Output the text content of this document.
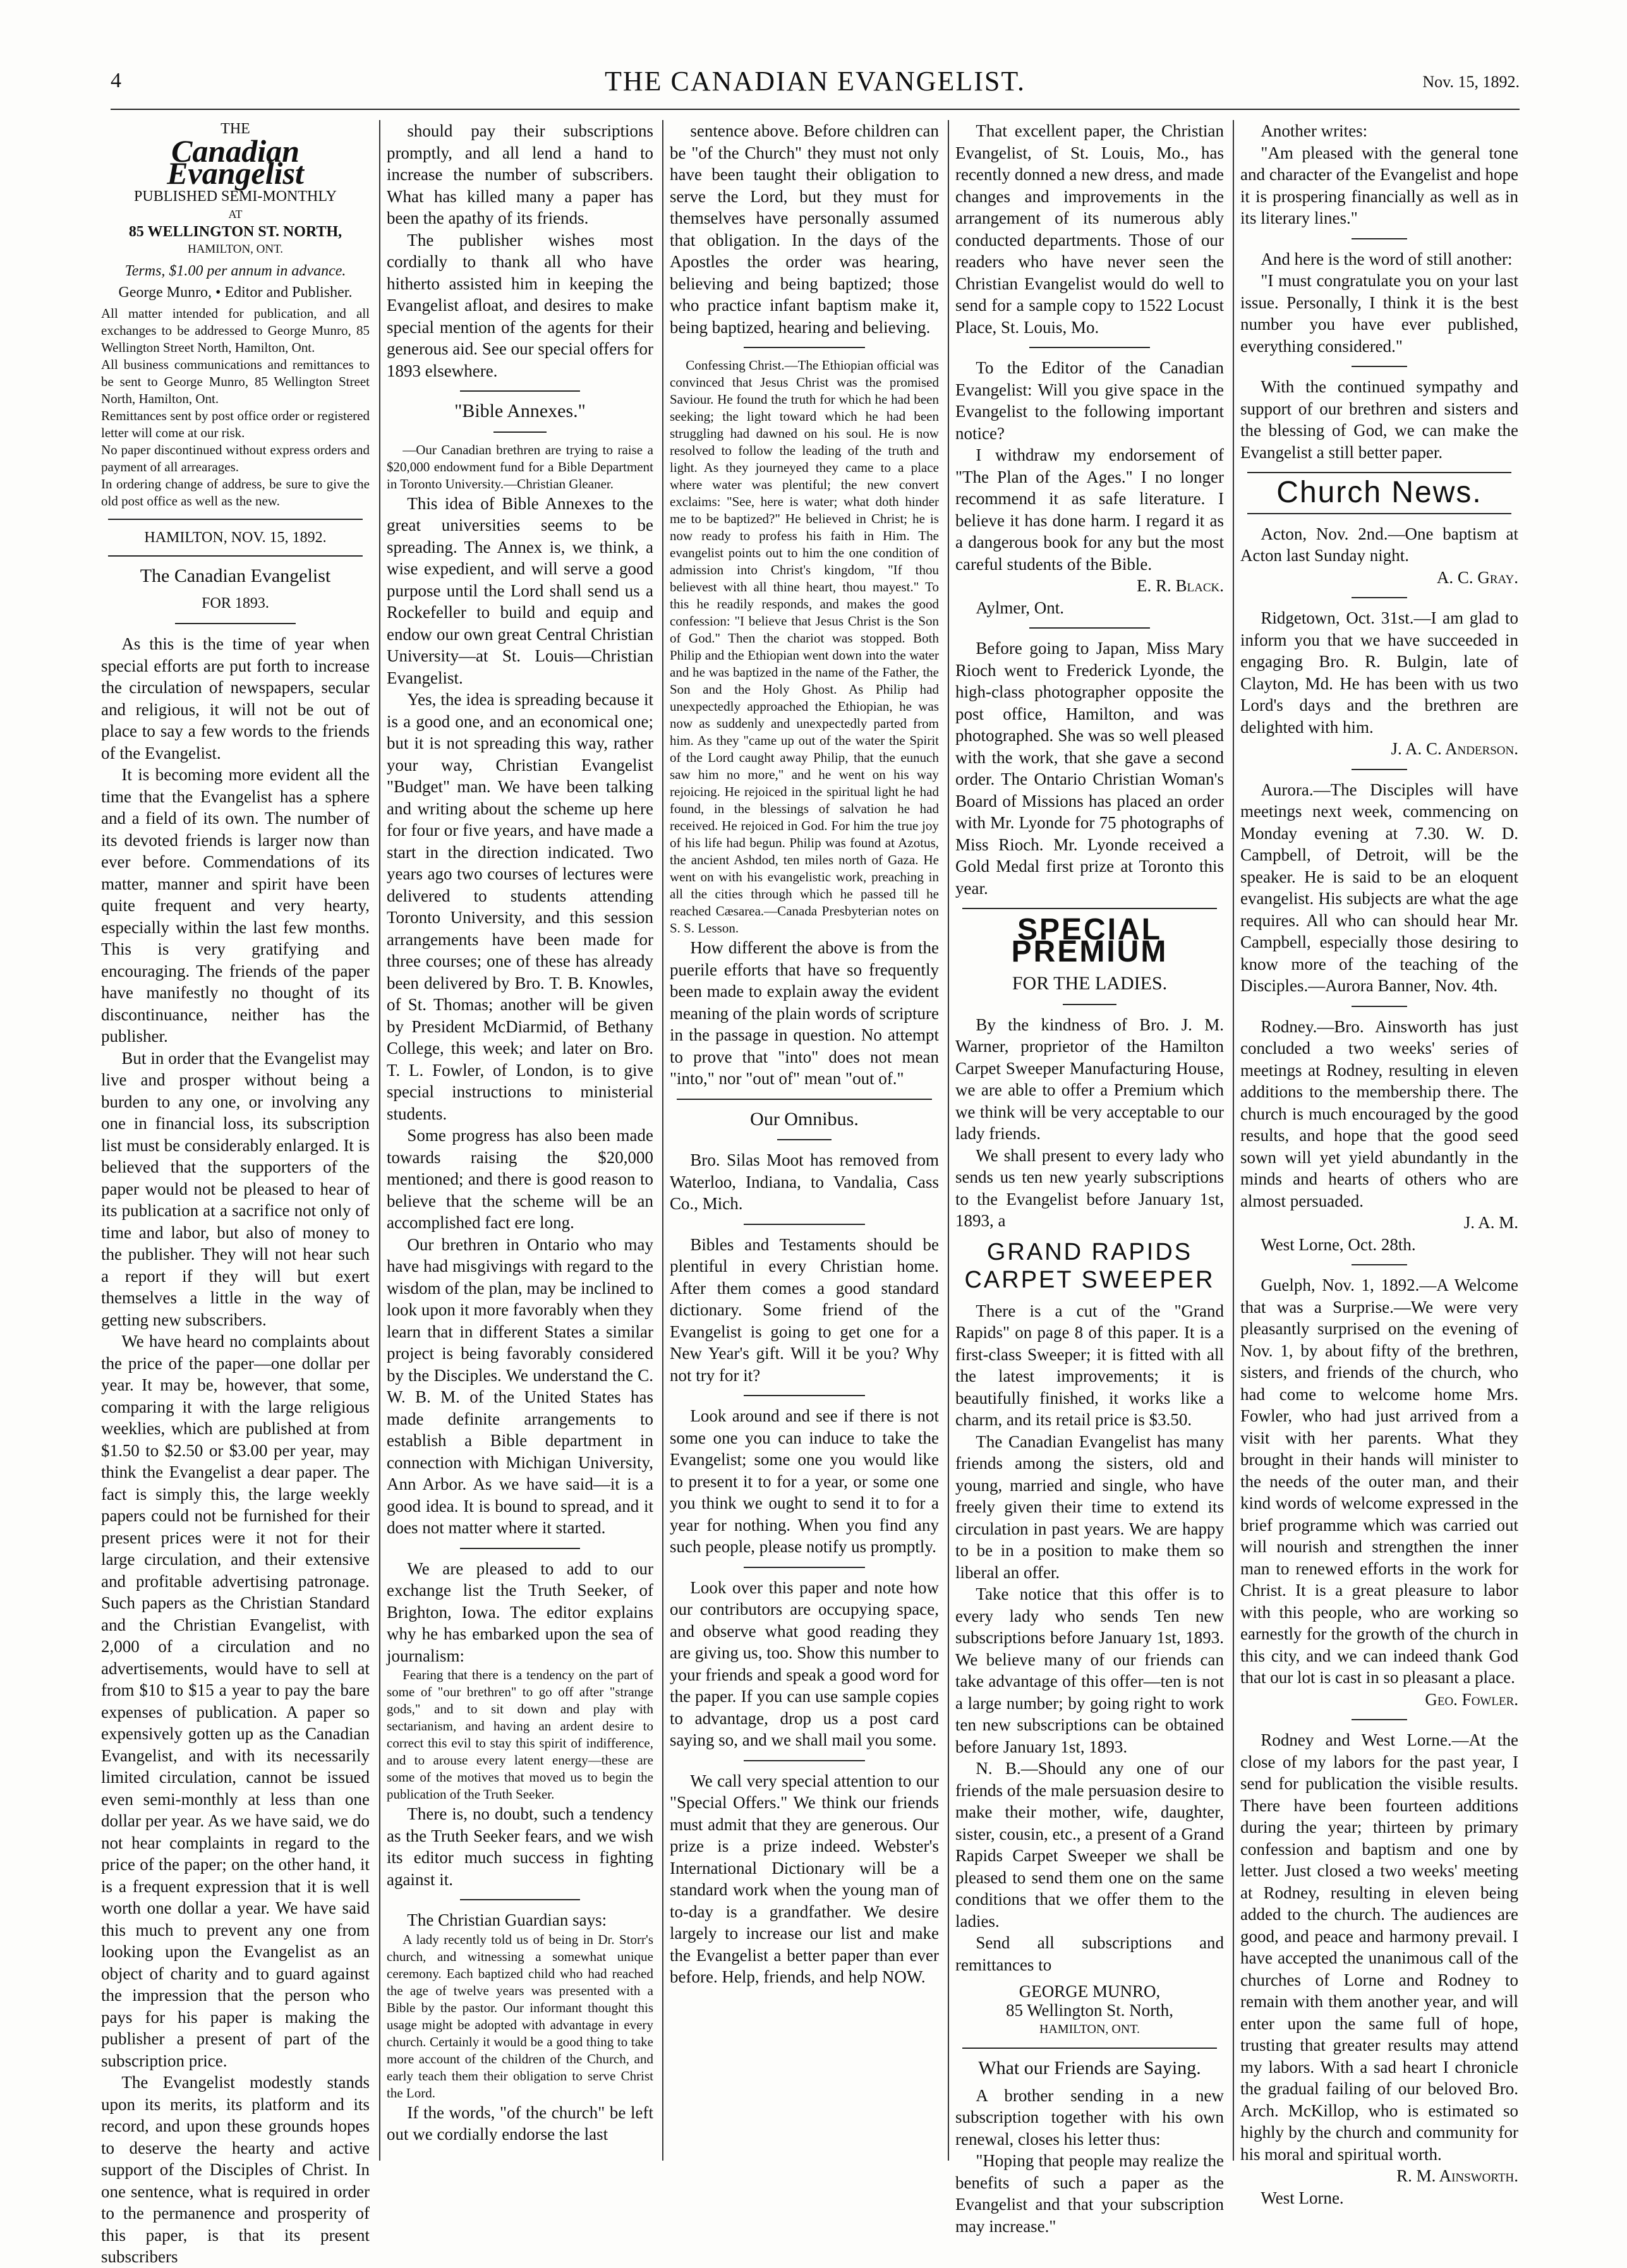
4	THE CANADIAN EVANGELIST.	Nov. 15, 1892.
THE
Canadian Evangelist
PUBLISHED SEMI-MONTHLY
AT
85 WELLINGTON ST. NORTH,
HAMILTON, ONT.
Terms, $1.00 per annum in advance.
George Munro, • Editor and Publisher.
All matter intended for publication, and all exchanges to be addressed to George Munro, 85 Wellington Street North, Hamilton, Ont.
All business communications and remittances to be sent to George Munro, 85 Wellington Street North, Hamilton, Ont.
Remittances sent by post office order or registered letter will come at our risk.
No paper discontinued without express orders and payment of all arrearages.
In ordering change of address, be sure to give the old post office as well as the new.
HAMILTON, NOV. 15, 1892.

The Canadian Evangelist

FOR 1893.

As this is the time of year when special efforts are put forth to increase the circulation of newspapers, secular and religious, it will not be out of place to say a few words to the friends of the Evangelist.

It is becoming more evident all the time that the Evangelist has a sphere and a field of its own. The number of its devoted friends is larger now than ever before. Commendations of its matter, manner and spirit have been quite frequent and very hearty, especially within the last few months. This is very gratifying and encouraging. The friends of the paper have manifestly no thought of its discontinuance, neither has the publisher.

But in order that the Evangelist may live and prosper without being a burden to any one, or involving any one in financial loss, its subscription list must be considerably enlarged. It is believed that the supporters of the paper would not be pleased to hear of its publication at a sacrifice not only of time and labor, but also of money to the publisher. They will not hear such a report if they will but exert themselves a little in the way of getting new subscribers.

We have heard no complaints about the price of the paper—one dollar per year. It may be, however, that some, comparing it with the large religious weeklies, which are published at from $1.50 to $2.50 or $3.00 per year, may think the Evangelist a dear paper. The fact is simply this, the large weekly papers could not be furnished for their present prices were it not for their large circulation, and their extensive and profitable advertising patronage. Such papers as the Christian Standard and the Christian Evangelist, with 2,000 of a circulation and no advertisements, would have to sell at from $10 to $15 a year to pay the bare expenses of publication. A paper so expensively gotten up as the Canadian Evangelist, and with its necessarily limited circulation, cannot be issued even semi-monthly at less than one dollar per year. As we have said, we do not hear complaints in regard to the price of the paper; on the other hand, it is a frequent expression that it is well worth one dollar a year. We have said this much to prevent any one from looking upon the Evangelist as an object of charity and to guard against the impression that the person who pays for his paper is making the publisher a present of part of the subscription price.

The Evangelist modestly stands upon its merits, its platform and its record, and upon these grounds hopes to deserve the hearty and active support of the Disciples of Christ. In one sentence, what is required in order to the permanence and prosperity of this paper, is that its present subscribers

should pay their subscriptions promptly, and all lend a hand to increase the number of subscribers. What has killed many a paper has been the apathy of its friends.

The publisher wishes most cordially to thank all who have hitherto assisted him in keeping the Evangelist afloat, and desires to make special mention of the agents for their generous aid. See our special offers for 1893 elsewhere.

"Bible Annexes."

—Our Canadian brethren are trying to raise a $20,000 endowment fund for a Bible Department in Toronto University.—Christian Gleaner.

This idea of Bible Annexes to the great universities seems to be spreading. The Annex is, we think, a wise expedient, and will serve a good purpose until the Lord shall send us a Rockefeller to build and equip and endow our own great Central Christian University—at St. Louis—Christian Evangelist.

Yes, the idea is spreading because it is a good one, and an economical one; but it is not spreading this way, rather your way, Christian Evangelist "Budget" man. We have been talking and writing about the scheme up here for four or five years, and have made a start in the direction indicated. Two years ago two courses of lectures were delivered to students attending Toronto University, and this session arrangements have been made for three courses; one of these has already been delivered by Bro. T. B. Knowles, of St. Thomas; another will be given by President McDiarmid, of Bethany College, this week; and later on Bro. T. L. Fowler, of London, is to give special instructions to ministerial students.

Some progress has also been made towards raising the $20,000 mentioned; and there is good reason to believe that the scheme will be an accomplished fact ere long.

Our brethren in Ontario who may have had misgivings with regard to the wisdom of the plan, may be inclined to look upon it more favorably when they learn that in different States a similar project is being favorably considered by the Disciples. We understand the C. W. B. M. of the United States has made definite arrangements to establish a Bible department in connection with Michigan University, Ann Arbor. As we have said—it is a good idea. It is bound to spread, and it does not matter where it started.

We are pleased to add to our exchange list the Truth Seeker, of Brighton, Iowa. The editor explains why he has embarked upon the sea of journalism:

Fearing that there is a tendency on the part of some of "our brethren" to go off after "strange gods," and to sit down and play with sectarianism, and having an ardent desire to correct this evil to stay this spirit of indifference, and to arouse every latent energy—these are some of the motives that moved us to begin the publication of the Truth Seeker.

There is, no doubt, such a tendency as the Truth Seeker fears, and we wish its editor much success in fighting against it.

The Christian Guardian says:

A lady recently told us of being in Dr. Storr's church, and witnessing a somewhat unique ceremony. Each baptized child who had reached the age of twelve years was presented with a Bible by the pastor. Our informant thought this usage might be adopted with advantage in every church. Certainly it would be a good thing to take more account of the children of the Church, and early teach them their obligation to serve Christ the Lord.

If the words, "of the church" be left out we cordially endorse the last

sentence above. Before children can be "of the Church" they must not only have been taught their obligation to serve the Lord, but they must for themselves have personally assumed that obligation. In the days of the Apostles the order was hearing, believing and being baptized; those who practice infant baptism make it, being baptized, hearing and believing.

Confessing Christ.—The Ethiopian official was convinced that Jesus Christ was the promised Saviour. He found the truth for which he had been seeking; the light toward which he had been struggling had dawned on his soul. He is now resolved to follow the leading of the truth and light. As they journeyed they came to a place where water was plentiful; the new convert exclaims: "See, here is water; what doth hinder me to be baptized?" He believed in Christ; he is now ready to profess his faith in Him. The evangelist points out to him the one condition of admission into Christ's kingdom, "If thou believest with all thine heart, thou mayest." To this he readily responds, and makes the good confession: "I believe that Jesus Christ is the Son of God." Then the chariot was stopped. Both Philip and the Ethiopian went down into the water and he was baptized in the name of the Father, the Son and the Holy Ghost. As Philip had unexpectedly approached the Ethiopian, he was now as suddenly and unexpectedly parted from him. As they "came up out of the water the Spirit of the Lord caught away Philip, that the eunuch saw him no more," and he went on his way rejoicing. He rejoiced in the spiritual light he had found, in the blessings of salvation he had received. He rejoiced in God. For him the true joy of his life had begun. Philip was found at Azotus, the ancient Ashdod, ten miles north of Gaza. He went on with his evangelistic work, preaching in all the cities through which he passed till he reached Cæsarea.—Canada Presbyterian notes on S. S. Lesson.

How different the above is from the puerile efforts that have so frequently been made to explain away the evident meaning of the plain words of scripture in the passage in question. No attempt to prove that "into" does not mean "into," nor "out of" mean "out of."

Our Omnibus.

Bro. Silas Moot has removed from Waterloo, Indiana, to Vandalia, Cass Co., Mich.

Bibles and Testaments should be plentiful in every Christian home. After them comes a good standard dictionary. Some friend of the Evangelist is going to get one for a New Year's gift. Will it be you? Why not try for it?

Look around and see if there is not some one you can induce to take the Evangelist; some one you would like to present it to for a year, or some one you think we ought to send it to for a year for nothing. When you find any such people, please notify us promptly.

Look over this paper and note how our contributors are occupying space, and observe what good reading they are giving us, too. Show this number to your friends and speak a good word for the paper. If you can use sample copies to advantage, drop us a post card saying so, and we shall mail you some.

We call very special attention to our "Special Offers." We think our friends must admit that they are generous. Our prize is a prize indeed. Webster's International Dictionary will be a standard work when the young man of to-day is a grandfather. We desire largely to increase our list and make the Evangelist a better paper than ever before. Help, friends, and help NOW.

That excellent paper, the Christian Evangelist, of St. Louis, Mo., has recently donned a new dress, and made changes and improvements in the arrangement of its numerous ably conducted departments. Those of our readers who have never seen the Christian Evangelist would do well to send for a sample copy to 1522 Locust Place, St. Louis, Mo.

To the Editor of the Canadian Evangelist: Will you give space in the Evangelist to the following important notice?

I withdraw my endorsement of "The Plan of the Ages." I no longer recommend it as safe literature. I believe it has done harm. I regard it as a dangerous book for any but the most careful students of the Bible.

E. R. Black.

Aylmer, Ont.

Before going to Japan, Miss Mary Rioch went to Frederick Lyonde, the high-class photographer opposite the post office, Hamilton, and was photographed. She was so well pleased with the work, that she gave a second order. The Ontario Christian Woman's Board of Missions has placed an order with Mr. Lyonde for 75 photographs of Miss Rioch. Mr. Lyonde received a Gold Medal first prize at Toronto this year.

SPECIAL PREMIUM

FOR THE LADIES.

By the kindness of Bro. J. M. Warner, proprietor of the Hamilton Carpet Sweeper Manufacturing House, we are able to offer a Premium which we think will be very acceptable to our lady friends.

We shall present to every lady who sends us ten new yearly subscriptions to the Evangelist before January 1st, 1893, a

GRAND RAPIDS CARPET SWEEPER

There is a cut of the "Grand Rapids" on page 8 of this paper. It is a first-class Sweeper; it is fitted with all the latest improvements; it is beautifully finished, it works like a charm, and its retail price is $3.50.

The Canadian Evangelist has many friends among the sisters, old and young, married and single, who have freely given their time to extend its circulation in past years. We are happy to be in a position to make them so liberal an offer.

Take notice that this offer is to every lady who sends Ten new subscriptions before January 1st, 1893. We believe many of our friends can take advantage of this offer—ten is not a large number; by going right to work ten new subscriptions can be obtained before January 1st, 1893.

N. B.—Should any one of our friends of the male persuasion desire to make their mother, wife, daughter, sister, cousin, etc., a present of a Grand Rapids Carpet Sweeper we shall be pleased to send them one on the same conditions that we offer them to the ladies.

Send all subscriptions and remittances to

GEORGE MUNRO,
85 Wellington St. North,
HAMILTON, ONT.

What our Friends are Saying.

A brother sending in a new subscription together with his own renewal, closes his letter thus:

"Hoping that people may realize the benefits of such a paper as the Evangelist and that your subscription may increase."

Another writes:

"Am pleased with the general tone and character of the Evangelist and hope it is prospering financially as well as in its literary lines."

And here is the word of still another:

"I must congratulate you on your last issue. Personally, I think it is the best number you have ever published, everything considered."

With the continued sympathy and support of our brethren and sisters and the blessing of God, we can make the Evangelist a still better paper.

Church News.

Acton, Nov. 2nd.—One baptism at Acton last Sunday night.

A. C. Gray.

Ridgetown, Oct. 31st.—I am glad to inform you that we have succeeded in engaging Bro. R. Bulgin, late of Clayton, Md. He has been with us two Lord's days and the brethren are delighted with him.

J. A. C. Anderson.

Aurora.—The Disciples will have meetings next week, commencing on Monday evening at 7.30. W. D. Campbell, of Detroit, will be the speaker. He is said to be an eloquent evangelist. His subjects are what the age requires. All who can should hear Mr. Campbell, especially those desiring to know more of the teaching of the Disciples.—Aurora Banner, Nov. 4th.

Rodney.—Bro. Ainsworth has just concluded a two weeks' series of meetings at Rodney, resulting in eleven additions to the membership there. The church is much encouraged by the good results, and hope that the good seed sown will yet yield abundantly in the minds and hearts of others who are almost persuaded.

J. A. M.

West Lorne, Oct. 28th.

Guelph, Nov. 1, 1892.—A Welcome that was a Surprise.—We were very pleasantly surprised on the evening of Nov. 1, by about fifty of the brethren, sisters, and friends of the church, who had come to welcome home Mrs. Fowler, who had just arrived from a visit with her parents. What they brought in their hands will minister to the needs of the outer man, and their kind words of welcome expressed in the brief programme which was carried out will nourish and strengthen the inner man to renewed efforts in the work for Christ. It is a great pleasure to labor with this people, who are working so earnestly for the growth of the church in this city, and we can indeed thank God that our lot is cast in so pleasant a place.

Geo. Fowler.

Rodney and West Lorne.—At the close of my labors for the past year, I send for publication the visible results. There have been fourteen additions during the year; thirteen by primary confession and baptism and one by letter. Just closed a two weeks' meeting at Rodney, resulting in eleven being added to the church. The audiences are good, and peace and harmony prevail. I have accepted the unanimous call of the churches of Lorne and Rodney to remain with them another year, and will enter upon the same full of hope, trusting that greater results may attend my labors. With a sad heart I chronicle the gradual failing of our beloved Bro. Arch. McKillop, who is estimated so highly by the church and community for his moral and spiritual worth.

R. M. Ainsworth.

West Lorne.
